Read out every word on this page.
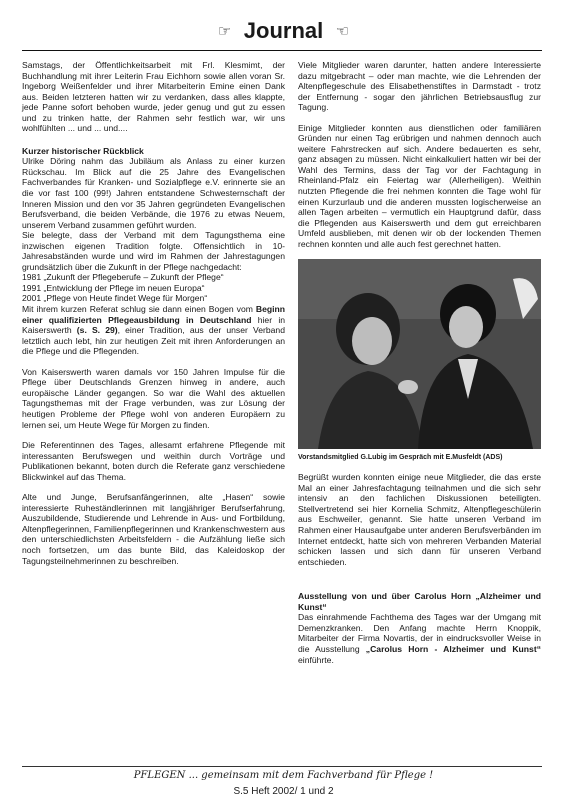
☞ Journal ☜

Samstags, der Öffentlichkeitsarbeit mit Frl. Klesmimt, der Buchhandlung mit ihrer Leiterin Frau Eichhorn sowie allen voran Sr. Ingeborg Weißenfelder und ihrer Mitarbeiterin Emine einen Dank aus. Beiden letzteren hatten wir zu verdanken, dass alles klappte, jede Panne sofort behoben wurde, jeder genug und gut zu essen und zu trinken hatte, der Rahmen sehr festlich war, wir uns wohlfühlten ... und ... und....

Kurzer historischer Rückblick

Ulrike Döring nahm das Jubiläum als Anlass zu einer kurzen Rückschau. Im Blick auf die 25 Jahre des Evangelischen Fachverbandes für Kranken- und Sozialpflege e.V. erinnerte sie an die vor fast 100 (99!) Jahren entstandene Schwesternschaft der Inneren Mission und den vor 35 Jahren gegründeten Evangelischen Berufsverband, die beiden Verbände, die 1976 zu etwas Neuem, unserem Verband zusammen geführt wurden.

Sie belegte, dass der Verband mit dem Tagungsthema eine inzwischen eigenen Tradition folgte. Offensichtlich in 10-Jahresabständen wurde und wird im Rahmen der Jahrestagungen grundsätzlich über die Zukunft in der Pflege nachgedacht:
1981 „Zukunft der Pflegeberufe – Zukunft der Pflege“
1991 „Entwicklung der Pflege im neuen Europa“
2001 „Pflege von Heute findet Wege für Morgen“

Mit ihrem kurzen Referat schlug sie dann einen Bogen vom Beginn einer qualifizierten Pflegeausbildung in Deutschland hier in Kaiserswerth (s. S. 29), einer Tradition, aus der unser Verband letztlich auch lebt, hin zur heutigen Zeit mit ihren Anforderungen an die Pflege und die Pflegenden.

Von Kaiserswerth waren damals vor 150 Jahren Impulse für die Pflege über Deutschlands Grenzen hinweg in andere, auch europäische Länder gegangen. So war die Wahl des aktuellen Tagungsthemas mit der Frage verbunden, was zur Lösung der heutigen Probleme der Pflege wohl von anderen Europäern zu lernen sei, um Heute Wege für Morgen zu finden.

Die Referentinnen des Tages, allesamt erfahrene Pflegende mit interessanten Berufswegen und weithin durch Vorträge und Publikationen bekannt, boten durch die Referate ganz verschiedene Blickwinkel auf das Thema.

Alte und Junge, Berufsanfängerinnen, alte „Hasen“ sowie interessierte Ruheständlerinnen mit langjähriger Berufserfahrung, Auszubildende, Studierende und Lehrende in Aus- und Fortbildung, Altenpflegerinnen, Familienpflegerinnen und Krankenschwestern aus den unterschiedlichsten Arbeitsfeldern - die Aufzählung ließe sich noch fortsetzen, um das bunte Bild, das Kaleidoskop der Tagungsteilnehmerinnen zu beschreiben.

Viele Mitglieder waren darunter, hatten andere Interessierte dazu mitgebracht – oder man machte, wie die Lehrenden der Altenpflegeschule des Elisabethenstiftes in Darmstadt - trotz der Entfernung - sogar den jährlichen Betriebsausflug zur Tagung.

Einige Mitglieder konnten aus dienstlichen oder familiären Gründen nur einen Tag erübrigen und nahmen dennoch auch weitere Fahrstrecken auf sich. Andere bedauerten es sehr, ganz absagen zu müssen. Nicht einkalkuliert hatten wir bei der Wahl des Termins, dass der Tag vor der Fachtagung in Rheinland-Pfalz ein Feiertag war (Allerheiligen). Weithin nutzten Pflegende die frei nehmen konnten die Tage wohl für einen Kurzurlaub und die anderen mussten logischerweise an allen Tagen arbeiten – vermutlich ein Hauptgrund dafür, dass die Pflegenden aus Kaiserswerth und dem gut erreichbaren Umfeld ausblieben, mit denen wir ob der lockenden Themen rechnen konnten und alle auch fest gerechnet hatten.

Vorstandsmitglied G.Lubig im Gespräch mit E.Musfeldt (ADS)

Begrüßt wurden konnten einige neue Mitglieder, die das erste Mal an einer Jahresfachtagung teilnahmen und die sich sehr intensiv an den fachlichen Diskussionen beteiligten. Stellvertretend sei hier Kornelia Schmitz, Altenpflegeschülerin aus Eschweiler, genannt. Sie hatte unseren Verband im Rahmen einer Hausaufgabe unter anderen Berufsverbänden im Internet entdeckt, hatte sich von mehreren Verbanden Material schicken lassen und sich dann für unseren Verband entschieden.

Ausstellung von und über Carolus Horn „Alzheimer und Kunst“

Das einrahmende Fachthema des Tages war der Umgang mit Demenzkranken. Den Anfang machte Herrn Knoppik, Mitarbeiter der Firma Novartis, der in eindrucksvoller Weise in die Ausstellung „Carolus Horn - Alzheimer und Kunst“ einführte.

PFLEGEN ... gemeinsam mit dem Fachverband für Pflege !
S.5 Heft 2002/ 1 und 2
